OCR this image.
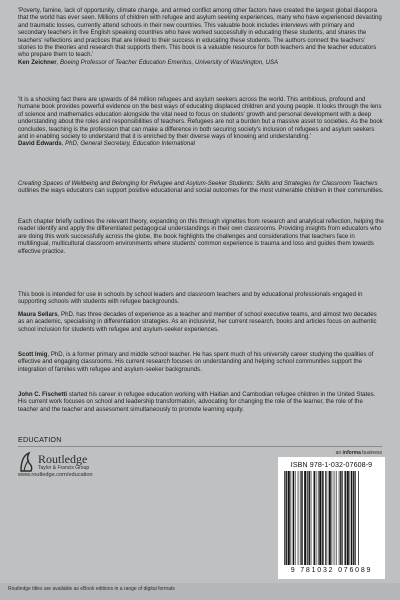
'Poverty, famine, lack of opportunity, climate change, and armed conflict among other factors have created the largest global diaspora that the world has ever seen. Millions of children with refugee and asylum seeking experiences, many who have experienced devasting and traumatic losses, currently attend schools in their new countries. This valuable book includes interviews with primary and secondary teachers in five English speaking countries who have worked successfully in educating these students, and shares the teachers' reflections and practices that are linked to their success in educating these students. The authors connect the teachers' stories to the theories and research that supports them. This book is a valuable resource for both teachers and the teacher educators who prepare them to teach.'

Ken Zeichner, Boeing Professor of Teacher Education Emeritus, University of Washington, USA

'It is a shocking fact there are upwards of 84 million refugees and asylum seekers across the world. This ambitious, profound and humane book provides powerful evidence on the best ways of educating displaced children and young people. It looks through the lens of science and mathematics education alongside the vital need to focus on students' growth and personal development with a deep understanding about the roles and responsibilities of teachers. Refugees are not a burden but a massive asset to societies. As the book concludes, teaching is the profession that can make a difference in both securing society's inclusion of refugees and asylum seekers and in enabling society to understand that it is enriched by their diverse ways of knowing and understanding.'

David Edwards, PhD, General Secretary, Education International

Creating Spaces of Wellbeing and Belonging for Refugee and Asylum-Seeker Students: Skills and Strategies for Classroom Teachers outlines the ways educators can support positive educational and social outcomes for the most vulnerable children in their communities.

Each chapter briefly outlines the relevant theory, expanding on this through vignettes from research and analytical reflection, helping the reader identify and apply the differentiated pedagogical understandings in their own classrooms. Providing insights from educators who are doing this work successfully across the globe, the book highlights the challenges and considerations that teachers face in multilingual, multicultural classroom environments where students' common experience is trauma and loss and guides them towards effective practice.

This book is intended for use in schools by school leaders and classroom teachers and by educational professionals engaged in supporting schools with students with refugee backgrounds.

Maura Sellars, PhD, has three decades of experience as a teacher and member of school executive teams, and almost two decades as an academic, specialising in differentiation strategies. As an inclusivist, her current research, books and articles focus on authentic school inclusion for students with refugee and asylum-seeker experiences.

Scott Imig, PhD, is a former primary and middle school teacher. He has spent much of his university career studying the qualities of effective and engaging classrooms. His current research focuses on understanding and helping school communities support the integration of families with refugee and asylum-seeker backgrounds.

John C. Fischetti started his career in refugee education working with Haitian and Cambodian refugee children in the United States. His current work focuses on school and leadership transformation, advocating for changing the role of the learner, the role of the teacher and the teacher and assessment simultaneously to promote learning equity.

EDUCATION
an informa business
Routledge
Taylor & Francis Group
www.routledge.com/education
ISBN 978-1-032-07608-9
9 781032 076089
Routledge titles are available as eBook editions in a range of digital formats
